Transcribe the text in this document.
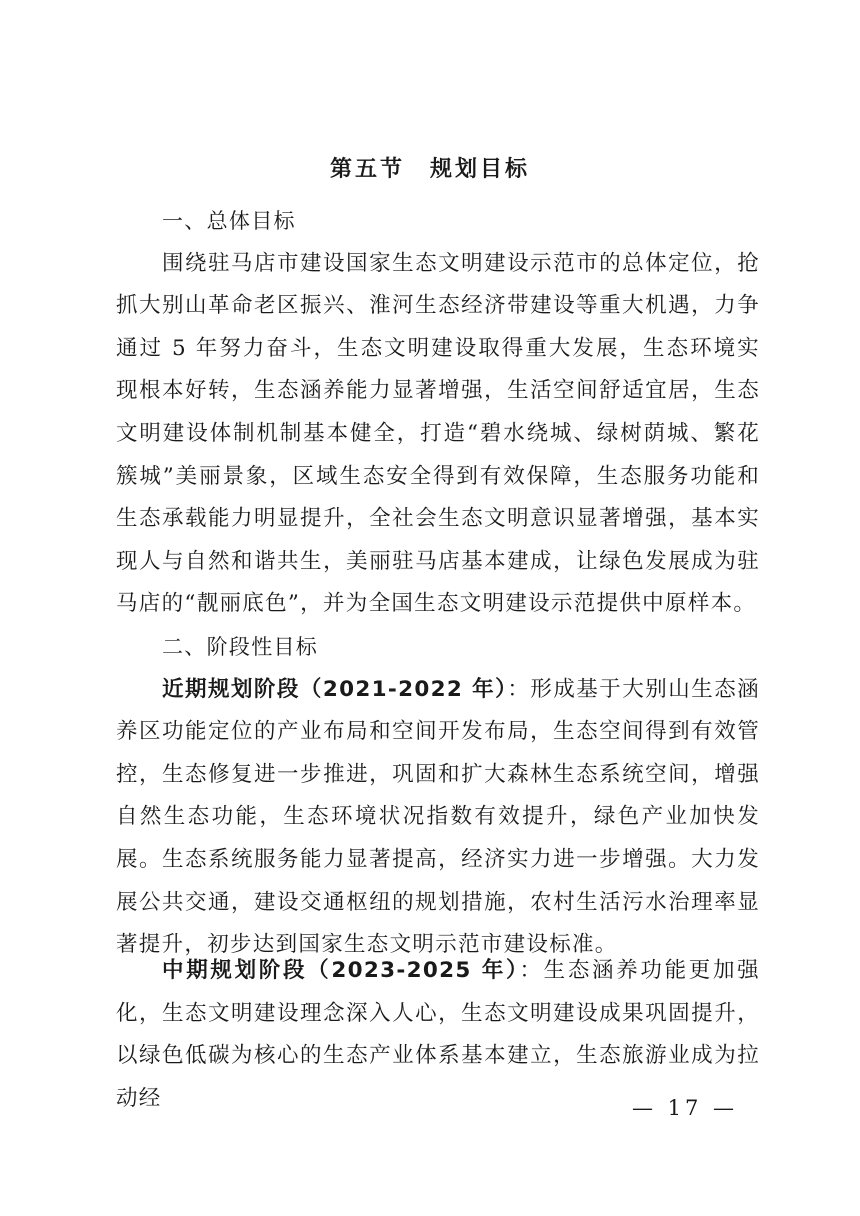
第五节　规划目标
一、总体目标

围绕驻马店市建设国家生态文明建设示范市的总体定位，抢抓大别山革命老区振兴、淮河生态经济带建设等重大机遇，力争通过 5 年努力奋斗，生态文明建设取得重大发展，生态环境实现根本好转，生态涵养能力显著增强，生活空间舒适宜居，生态文明建设体制机制基本健全，打造“碧水绕城、绿树荫城、繁花簇城”美丽景象，区域生态安全得到有效保障，生态服务功能和生态承载能力明显提升，全社会生态文明意识显著增强，基本实现人与自然和谐共生，美丽驻马店基本建成，让绿色发展成为驻马店的“靓丽底色”，并为全国生态文明建设示范提供中原样本。

二、阶段性目标

近期规划阶段（2021-2022 年）：形成基于大别山生态涵养区功能定位的产业布局和空间开发布局，生态空间得到有效管控，生态修复进一步推进，巩固和扩大森林生态系统空间，增强自然生态功能，生态环境状况指数有效提升，绿色产业加快发展。生态系统服务能力显著提高，经济实力进一步增强。大力发展公共交通，建设交通枢纽的规划措施，农村生活污水治理率显著提升，初步达到国家生态文明示范市建设标准。

中期规划阶段（2023-2025 年）：生态涵养功能更加强化，生态文明建设理念深入人心，生态文明建设成果巩固提升，以绿色低碳为核心的生态产业体系基本建立，生态旅游业成为拉动经	— 17 —
